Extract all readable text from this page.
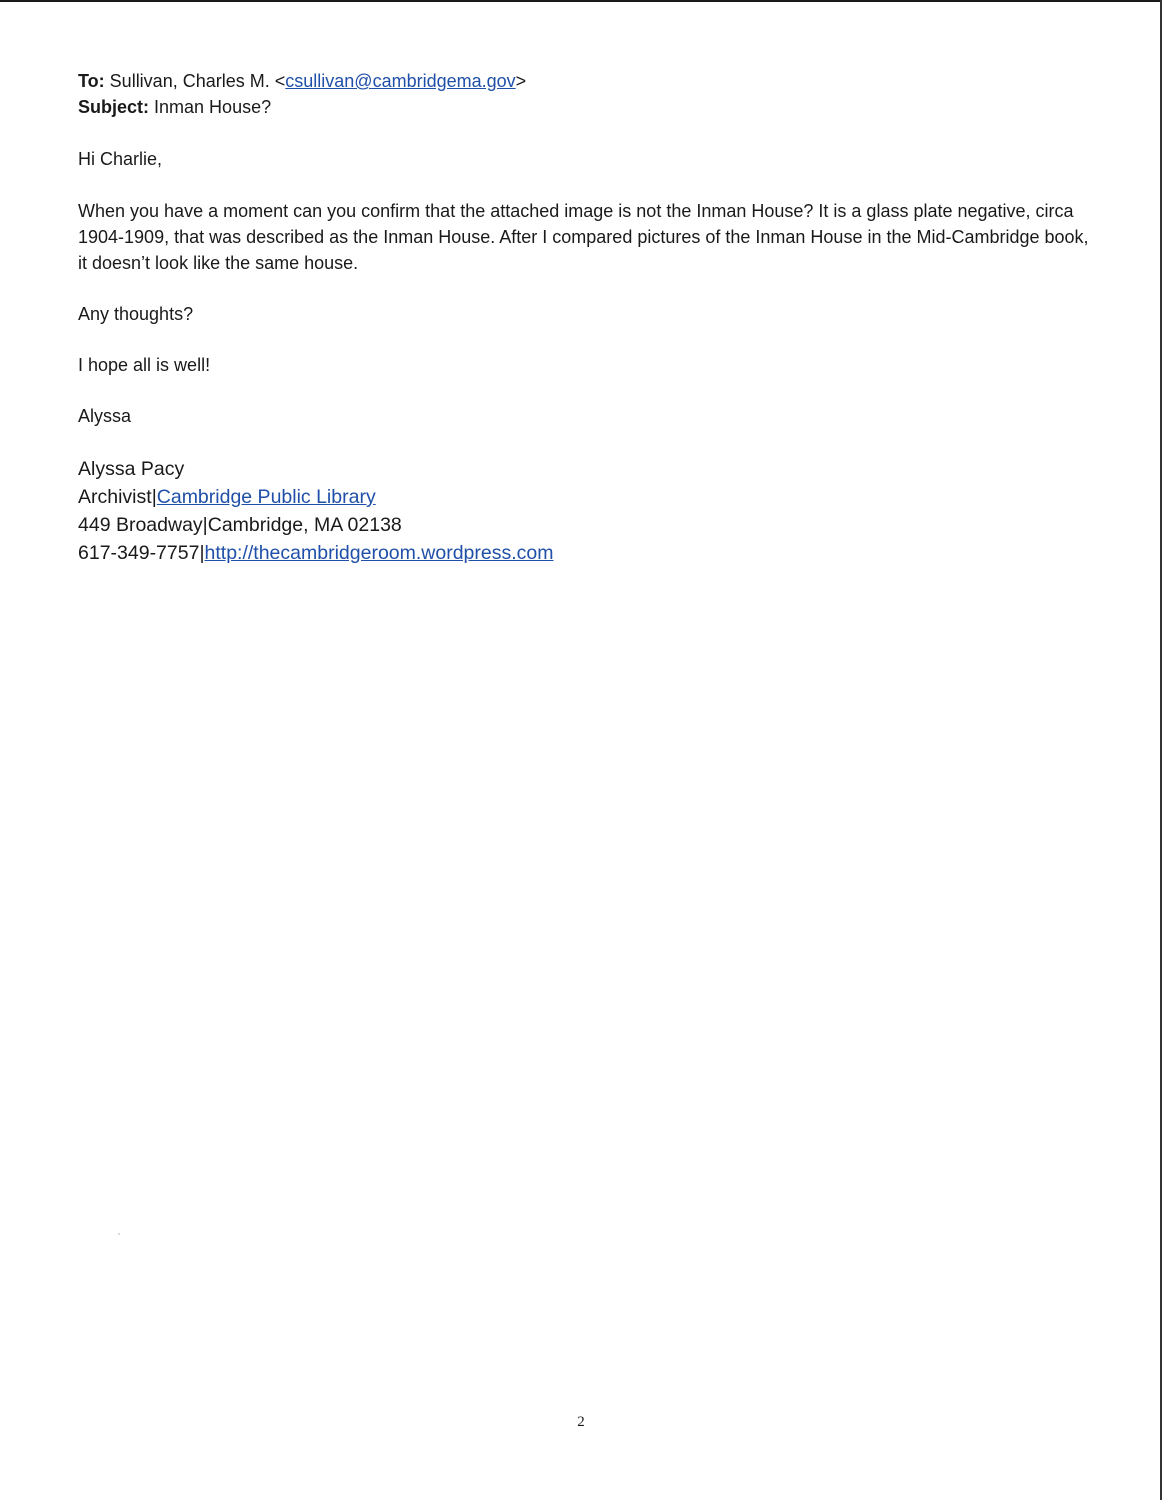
To: Sullivan, Charles M. <csullivan@cambridgema.gov>
Subject: Inman House?

Hi Charlie,

When you have a moment can you confirm that the attached image is not the Inman House? It is a glass plate negative, circa 1904-1909, that was described as the Inman House. After I compared pictures of the Inman House in the Mid-Cambridge book, it doesn’t look like the same house.

Any thoughts?

I hope all is well!

Alyssa

Alyssa Pacy

Archivist|Cambridge Public Library

449 Broadway|Cambridge, MA 02138

617-349-7757|http://thecambridgeroom.wordpress.com

2
